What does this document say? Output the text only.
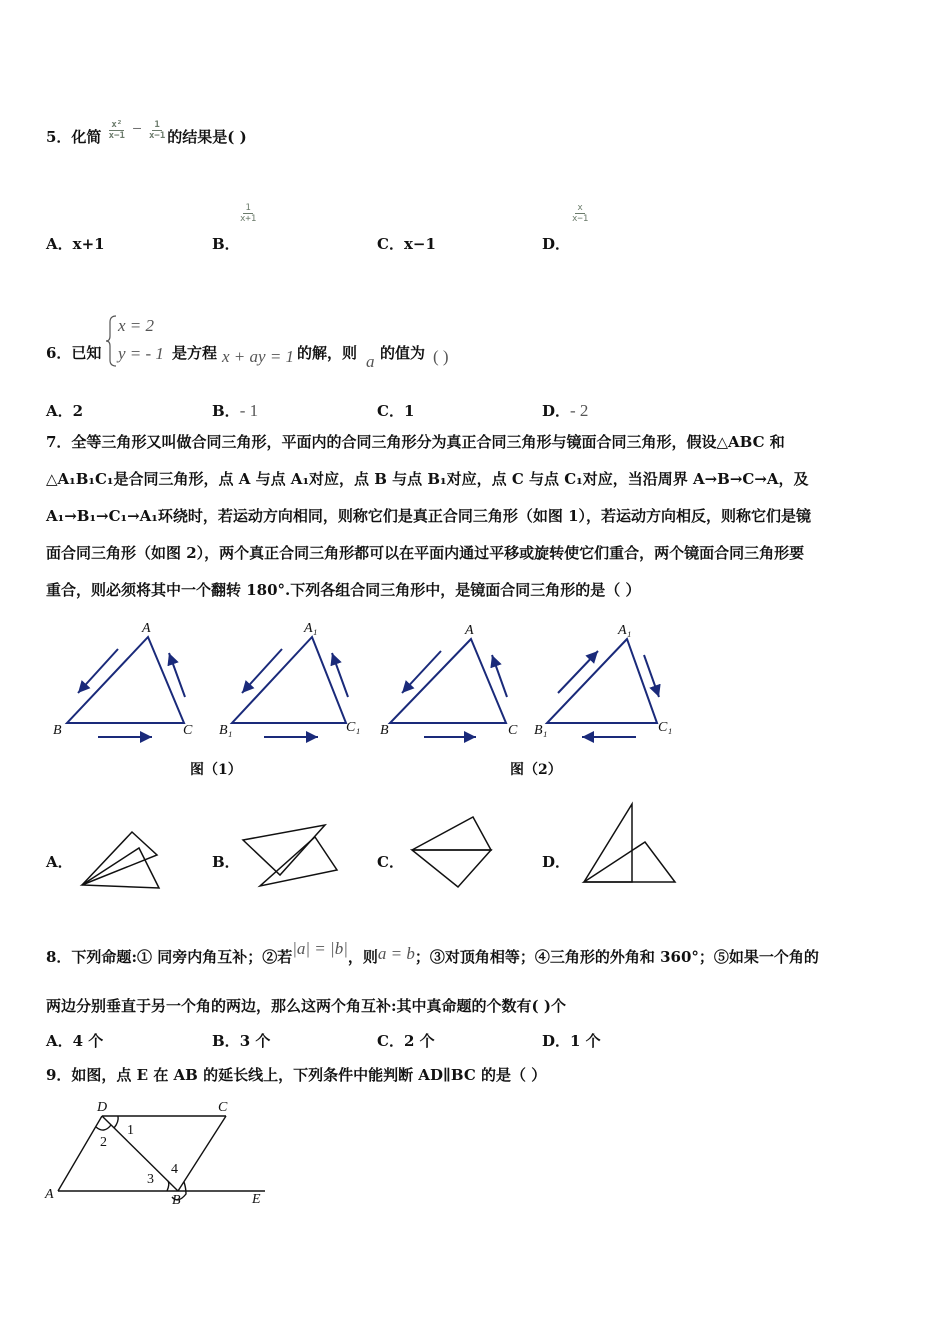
5．化简 $\frac{\text{x²}}{x-1} - \frac{1}{x-1}$ 的结果是( )
A．x+1	B．
$\frac{1}{x+1}$
C．x−1	D．
$\frac{x}{x-1}$
6．已知
x = 2
y = - 1 是方程 x + ay = 1 的解，则 a 的值为 ( )
A．2	B．- 1	C．1	D．- 2
7．全等三角形又叫做合同三角形，平面内的合同三角形分为真正合同三角形与镜面合同三角形，假设△ABC 和
△A₁B₁C₁是合同三角形，点 A 与点 A₁对应，点 B 与点 B₁对应，点 C 与点 C₁对应，当沿周界 A→B→C→A，及
A₁→B₁→C₁→A₁环绕时，若运动方向相同，则称它们是真正合同三角形（如图 1），若运动方向相反，则称它们是镜
面合同三角形（如图 2），两个真正合同三角形都可以在平面内通过平移或旋转使它们重合，两个镜面合同三角形要
重合，则必须将其中一个翻转 180°.下列各组合同三角形中，是镜面合同三角形的是（ ）
A
B	C
A₁
B₁	C₁
A
B	C
A₁
B₁	C₁
图（1）	图（2）
A．	B．	C．	D．
8．下列命题:① 同旁内角互补；②若|a| = |b|，则a = b；③对顶角相等；④三角形的外角和 360°；⑤如果一个角的
两边分别垂直于另一个角的两边，那么这两个角互补:其中真命题的个数有( )个
A．4 个	B．3 个	C．2 个	D．1 个
9．如图，点 E 在 AB 的延长线上，下列条件中能判断 AD∥BC 的是（ ）
D	C
A	B	E
1
2
3
4
